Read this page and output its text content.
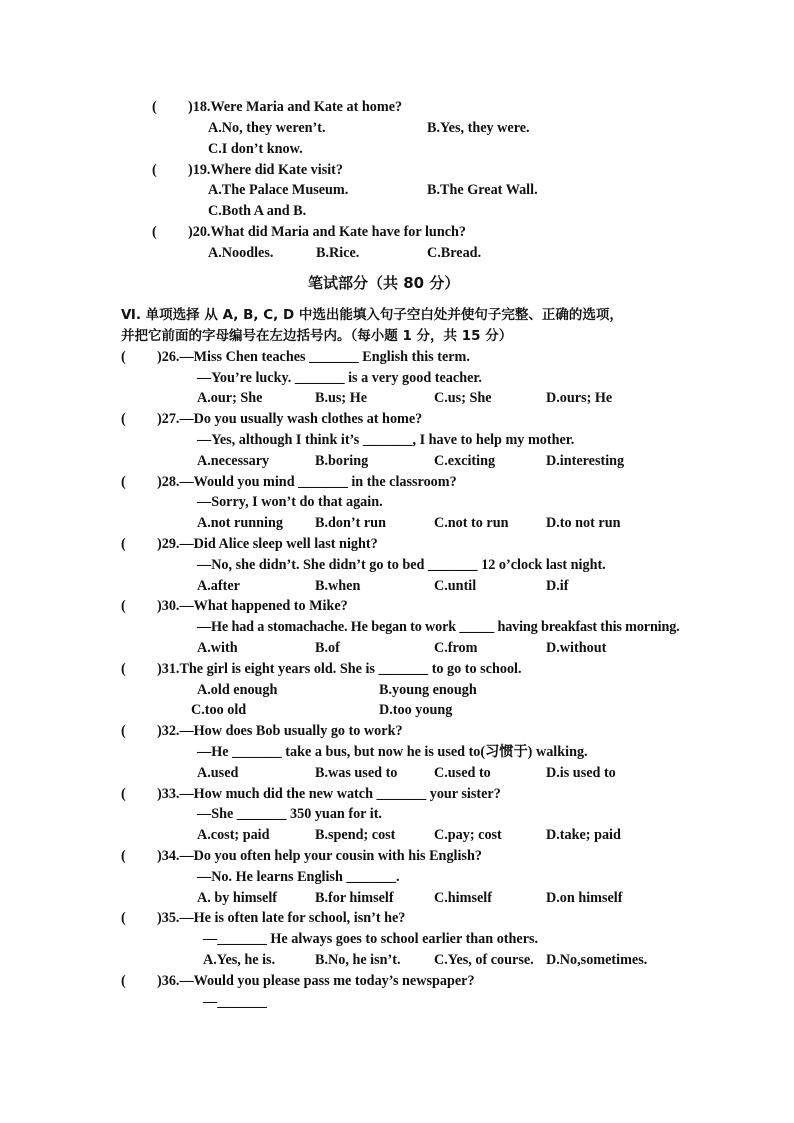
( )18.Were Maria and Kate at home?
A.No, they weren’t.	B.Yes, they were.
C.I don’t know.
( )19.Where did Kate visit?
A.The Palace Museum.	B.The Great Wall.
C.Both A and B.
( )20.What did Maria and Kate have for lunch?
A.Noodles.	B.Rice.	C.Bread.
笔试部分（共 80 分）
Ⅵ. 单项选择 从 A, B, C, D 中选出能填入句子空白处并使句子完整、正确的选项，
并把它前面的字母编号在左边括号内。（每小题 1 分，共 15 分）
( )26.—Miss Chen teaches _______ English this term.
—You’re lucky. _______ is a very good teacher.
A.our; She	B.us; He	C.us; She	D.ours; He
( )27.—Do you usually wash clothes at home?
—Yes, although I think it’s _______, I have to help my mother.
A.necessary	B.boring	C.exciting	D.interesting
( )28.—Would you mind _______ in the classroom?
—Sorry, I won’t do that again.
A.not running B.don’t run	C.not to run	D.to not run
( )29.—Did Alice sleep well last night?
—No, she didn’t. She didn’t go to bed _______ 12 o’clock last night.
A.after	B.when	C.until	D.if
( )30.—What happened to Mike?
—He had a stomachache. He began to work _____ having breakfast this morning.
A.with	B.of	C.from	D.without
( )31.The girl is eight years old. She is _______ to go to school.
A.old enough	B.young enough
C.too old	D.too young
( )32.—How does Bob usually go to work?
—He _______ take a bus, but now he is used to(习惯于) walking.
A.used	B.was used to	C.used to	D.is used to
( )33.—How much did the new watch _______ your sister?
—She _______ 350 yuan for it.
A.cost; paid	B.spend; cost	C.pay; cost	D.take; paid
( )34.—Do you often help your cousin with his English?
—No. He learns English _______.
A. by himself	B.for himself	C.himself	D.on himself
( )35.—He is often late for school, isn’t he?
—_______ He always goes to school earlier than others.
A.Yes, he is.	B.No, he isn’t. C.Yes, of course. D.No,sometimes.
( )36.—Would you please pass me today’s newspaper?
—_______
